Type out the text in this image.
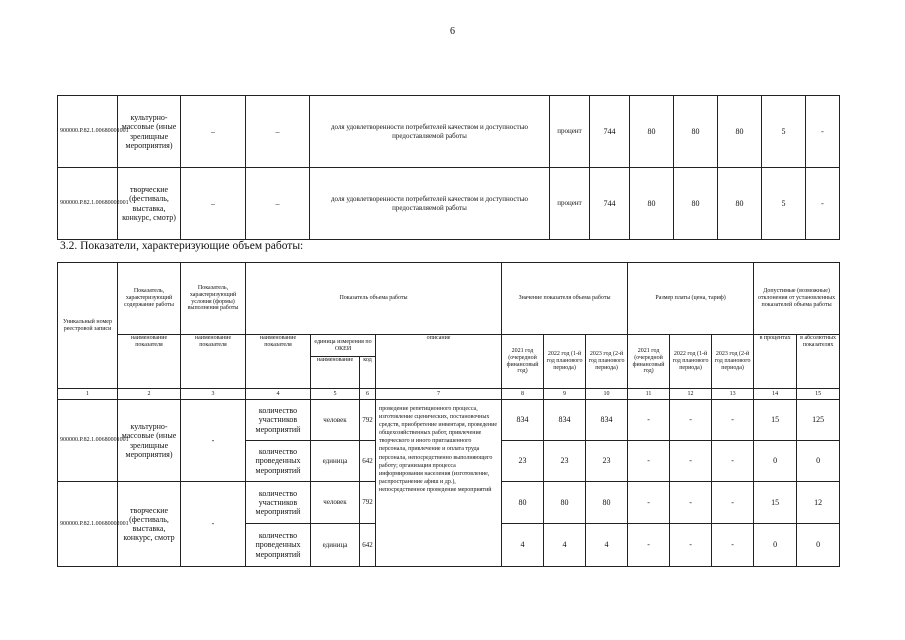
6
900000.Р.82.1.00680001001	культурно-массовые (иные зрелищные мероприятия)	–	–	доля удовлетворенности потребителей качеством и доступностью предоставляемой работы	процент	744	80	80	80	5	-
900000.Р.82.1.00680002001	творческие (фестиваль, выставка, конкурс, смотр)	–	–	доля удовлетворенности потребителей качеством и доступностью предоставляемой работы	процент	744	80	80	80	5	-
3.2. Показатели, характеризующие объем работы:
Уникальный номер реестровой записи	Показатель, характеризующий содержание работы	Показатель, характеризующий условия (формы) выполнения работы	Показатель объема работы				Значение показателя объема работы			Размер платы (цена, тариф)			Допустимые (возможные) отклонения от установленных показателей объема работы	
	наименование показателя	наименование показателя	наименование показателя	единица измерения по ОКЕИ		описание	2021 год (очередной финансовый год)	2022 год (1-й год планового периода)	2023 год (2-й год планового периода)	2021 год (очередной финансовый год)	2022 год (1-й год планового периода)	2023 год (2-й год планового периода)	в процентах	в абсолютных показателях
				наименование	код									
1	2	3	4	5	6	7	8	9	10	11	12	13	14	15
900000.Р.82.1.00680001001	культурно-массовые (иные зрелищные мероприятия)	-	количество участников мероприятий	человек	792	проведение репетиционного процесса, изготовление сценических, постановочных средств, приобретение инвентаря, проведение общехозяйственных работ, привлечение творческого и иного приглашенного персонала, привлечение и оплата труда персонала, непосредственно выполняющего работу; организация процесса информирования населения (изготовление, распространение афиш и др.), непосредственное проведение мероприятий	834	834	834	-	-	-	15	125
			количество проведенных мероприятий	единица	642		23	23	23	-	-	-	0	0
900000.Р.82.1.00680002001	творческие (фестиваль, выставка, конкурс, смотр	-	количество участников мероприятий	человек	792		80	80	80	-	-	-	15	12
			количество проведенных мероприятий	единица	642		4	4	4	-	-	-	0	0
